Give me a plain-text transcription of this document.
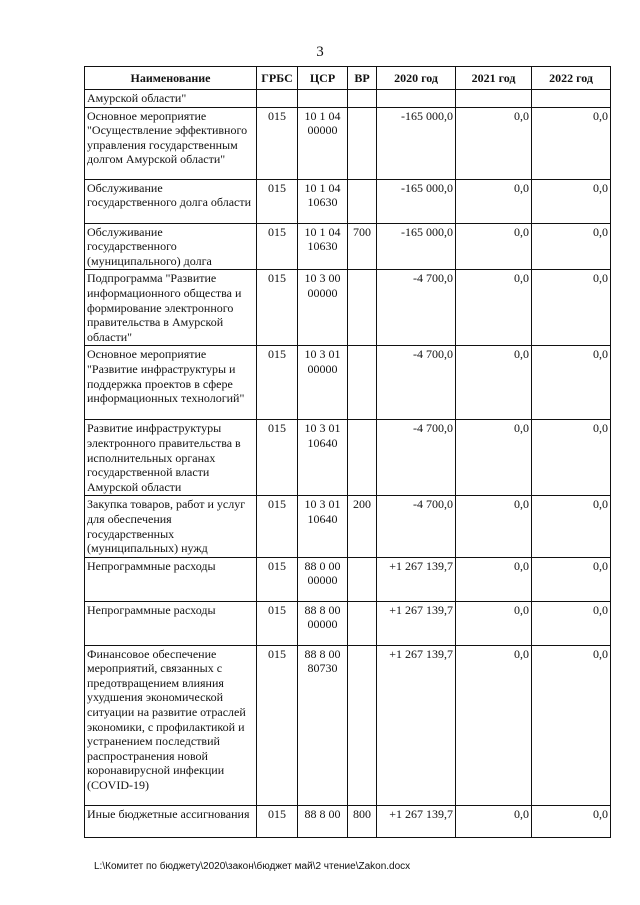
3
Наименование	ГРБС	ЦСР	ВР	2020 год	2021 год	2022 год
Амурской области"						
Основное мероприятие "Осуществление эффективного управления государственным долгом Амурской области"	015	10 1 04 00000		-165 000,0	0,0	0,0
Обслуживание государственного долга области	015	10 1 04 10630		-165 000,0	0,0	0,0
Обслуживание государственного (муниципального) долга	015	10 1 04 10630	700	-165 000,0	0,0	0,0
Подпрограмма "Развитие информационного общества и формирование электронного правительства в Амурской области"	015	10 3 00 00000		-4 700,0	0,0	0,0
Основное мероприятие "Развитие инфраструктуры и поддержка проектов в сфере информационных технологий"	015	10 3 01 00000		-4 700,0	0,0	0,0
Развитие инфраструктуры электронного правительства в исполнительных органах государственной власти Амурской области	015	10 3 01 10640		-4 700,0	0,0	0,0
Закупка товаров, работ и услуг для обеспечения государственных (муниципальных) нужд	015	10 3 01 10640	200	-4 700,0	0,0	0,0
Непрограммные расходы	015	88 0 00 00000		+1 267 139,7	0,0	0,0
Непрограммные расходы	015	88 8 00 00000		+1 267 139,7	0,0	0,0
Финансовое обеспечение мероприятий, связанных с предотвращением влияния ухудшения экономической ситуации на развитие отраслей экономики, с профилактикой и устранением последствий распространения новой коронавирусной инфекции (COVID-19)	015	88 8 00 80730		+1 267 139,7	0,0	0,0
Иные бюджетные ассигнования	015	88 8 00	800	+1 267 139,7	0,0	0,0
L:\Комитет по бюджету\2020\закон\бюджет май\2 чтение\Zakon.docx
